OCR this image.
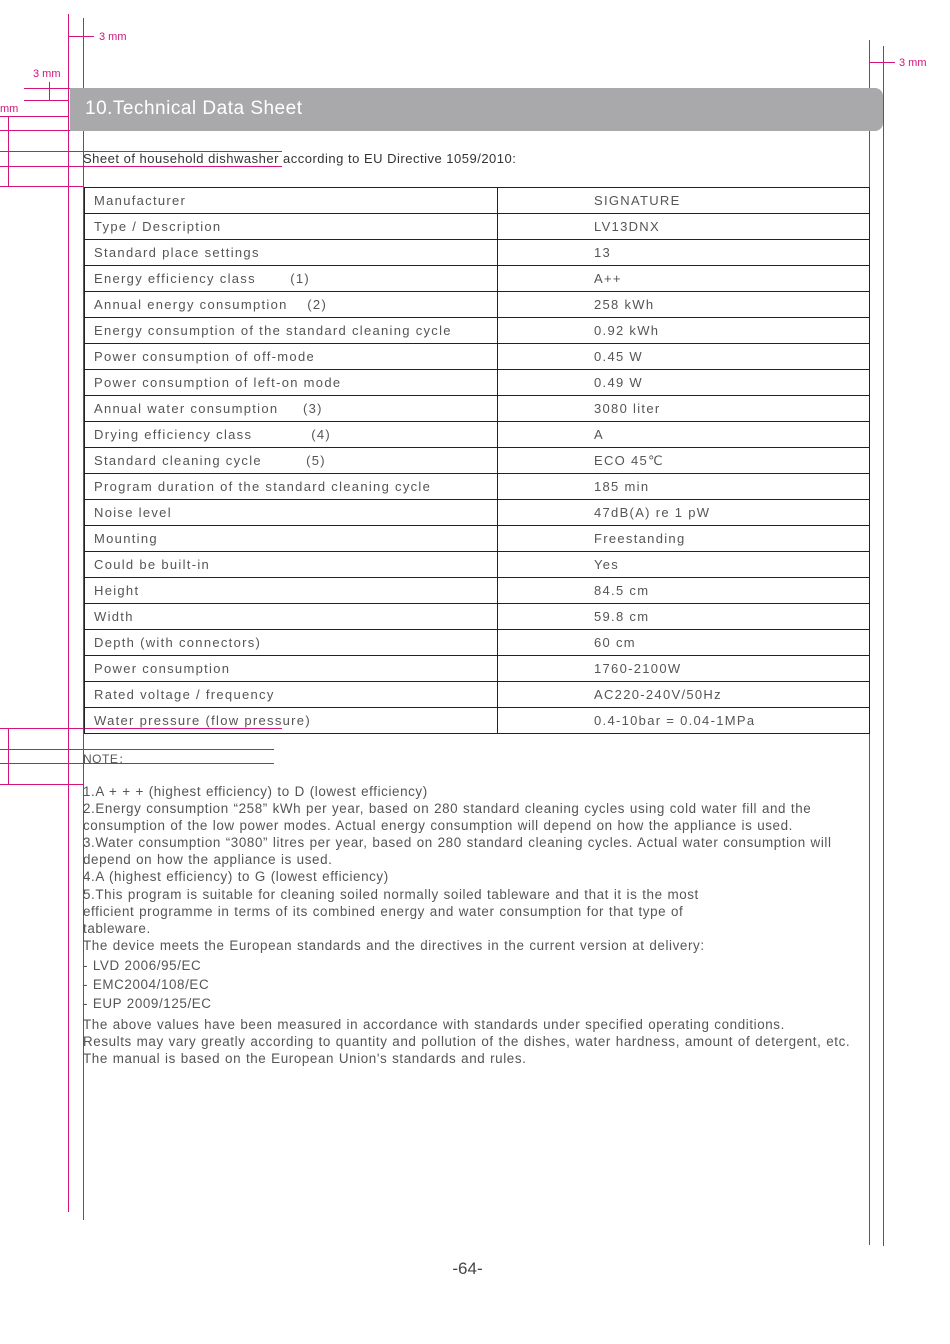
3 mm
3 mm
3 mm
mm	10.Technical Data Sheet
Sheet of household dishwasher according to EU Directive 1059/2010:
Manufacturer	SIGNATURE
Type / Description	LV13DNX
Standard place settings	13
Energy efficiency class       (1)	A++
Annual energy consumption    (2)	258 kWh
Energy consumption of the standard cleaning cycle	0.92 kWh
Power consumption of off-mode	0.45 W
Power consumption of left-on mode	0.49 W
Annual water consumption     (3)	3080 liter
Drying efficiency class            (4)	A
Standard cleaning cycle         (5)	ECO 45℃
Program duration of the standard cleaning cycle	185 min
Noise level	47dB(A) re 1 pW
Mounting	Freestanding
Could be built-in	Yes
Height	84.5 cm
Width	59.8 cm
Depth (with connectors)	60 cm
Power consumption	1760-2100W
Rated voltage / frequency	AC220-240V/50Hz
Water pressure (flow pressure)	0.4-10bar = 0.04-1MPa
NOTE：

1.A + + + (highest efficiency) to D (lowest efficiency)

2.Energy consumption “258” kWh per year, based on 280 standard cleaning cycles using cold water fill and the consumption of the low power modes. Actual energy consumption will depend on how the appliance is used.

3.Water consumption “3080” litres per year, based on 280 standard cleaning cycles. Actual water consumption will depend on how the appliance is used.

4.A (highest efficiency) to G (lowest efficiency)

5.This program is suitable for cleaning soiled normally soiled tableware and that it is the most efficient programme in terms of its combined energy and water consumption for that type of tableware.

The device meets the European standards and the directives in the current version at delivery:

- LVD 2006/95/EC

- EMC2004/108/EC

- EUP 2009/125/EC

The above values have been measured in accordance with standards under specified operating conditions.

Results may vary greatly according to quantity and pollution of the dishes, water hardness, amount of detergent, etc.

The manual is based on the European Union's standards and rules.

-64-
